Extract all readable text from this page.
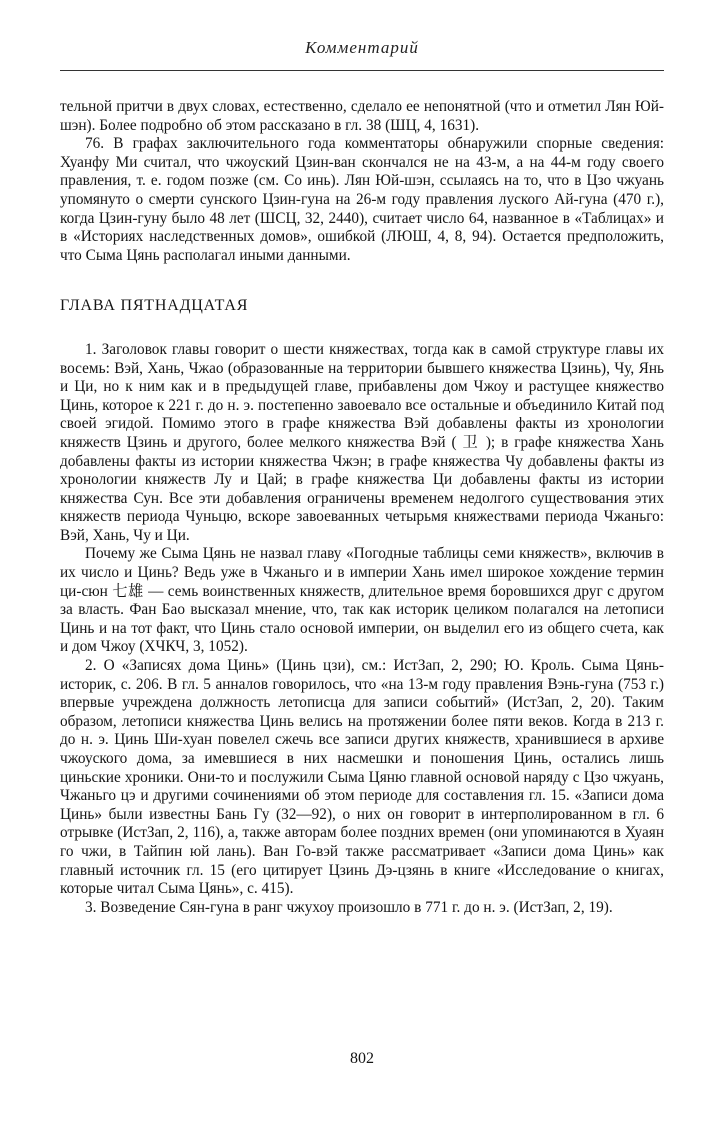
Комментарий

тельной притчи в двух словах, естественно, сделало ее непонятной (что и отметил Лян Юй-шэн). Более подробно об этом рассказано в гл. 38 (ШЦ, 4, 1631).

76. В графах заключительного года комментаторы обнаружили спорные сведения: Хуанфу Ми считал, что чжоуский Цзин-ван скончался не на 43-м, а на 44-м году своего правления, т. е. годом позже (см. Со инь). Лян Юй-шэн, ссылаясь на то, что в Цзо чжуань упомянуто о смерти сунского Цзин-гуна на 26-м году правления луского Ай-гуна (470 г.), когда Цзин-гуну было 48 лет (ШСЦ, 32, 2440), считает число 64, названное в «Таблицах» и в «Историях наследственных домов», ошибкой (ЛЮШ, 4, 8, 94). Остается предположить, что Сыма Цянь располагал иными данными.

ГЛАВА ПЯТНАДЦАТАЯ

1. Заголовок главы говорит о шести княжествах, тогда как в самой структуре главы их восемь: Вэй, Хань, Чжао (образованные на территории бывшего княжества Цзинь), Чу, Янь и Ци, но к ним как и в предыдущей главе, прибавлены дом Чжоу и растущее княжество Цинь, которое к 221 г. до н. э. постепенно завоевало все остальные и объединило Китай под своей эгидой. Помимо этого в графе княжества Вэй добавлены факты из хронологии княжеств Цзинь и другого, более мелкого княжества Вэй ( 卫 ); в графе княжества Хань добавлены факты из истории княжества Чжэн; в графе княжества Чу добавлены факты из хронологии княжеств Лу и Цай; в графе княжества Ци добавлены факты из истории княжества Сун. Все эти добавления ограничены временем недолгого существования этих княжеств периода Чуньцю, вскоре завоеванных четырьмя княжествами периода Чжаньго: Вэй, Хань, Чу и Ци.

Почему же Сыма Цянь не назвал главу «Погодные таблицы семи княжеств», включив в их число и Цинь? Ведь уже в Чжаньго и в империи Хань имел широкое хождение термин ци-сюн 七雄 — семь воинственных княжеств, длительное время боровшихся друг с другом за власть. Фан Бао высказал мнение, что, так как историк целиком полагался на летописи Цинь и на тот факт, что Цинь стало основой империи, он выделил его из общего счета, как и дом Чжоу (ХЧКЧ, 3, 1052).

2. О «Записях дома Цинь» (Цинь цзи), см.: ИстЗап, 2, 290; Ю. Кроль. Сыма Цянь-историк, с. 206. В гл. 5 анналов говорилось, что «на 13-м году правления Вэнь-гуна (753 г.) впервые учреждена должность летописца для записи событий» (ИстЗап, 2, 20). Таким образом, летописи княжества Цинь велись на протяжении более пяти веков. Когда в 213 г. до н. э. Цинь Ши-хуан повелел сжечь все записи других княжеств, хранившиеся в архиве чжоуского дома, за имевшиеся в них насмешки и поношения Цинь, остались лишь циньские хроники. Они-то и послужили Сыма Цяню главной основой наряду с Цзо чжуань, Чжаньго цэ и другими сочинениями об этом периоде для составления гл. 15. «Записи дома Цинь» были известны Бань Гу (32—92), о них он говорит в интерполированном в гл. 6 отрывке (ИстЗап, 2, 116), а, также авторам более поздних времен (они упоминаются в Хуаян го чжи, в Тайпин юй лань). Ван Го-вэй также рассматривает «Записи дома Цинь» как главный источник гл. 15 (его цитирует Цзинь Дэ-цзянь в книге «Исследование о книгах, которые читал Сыма Цянь», с. 415).

3. Возведение Сян-гуна в ранг чжухоу произошло в 771 г. до н. э. (ИстЗап, 2, 19).

802
